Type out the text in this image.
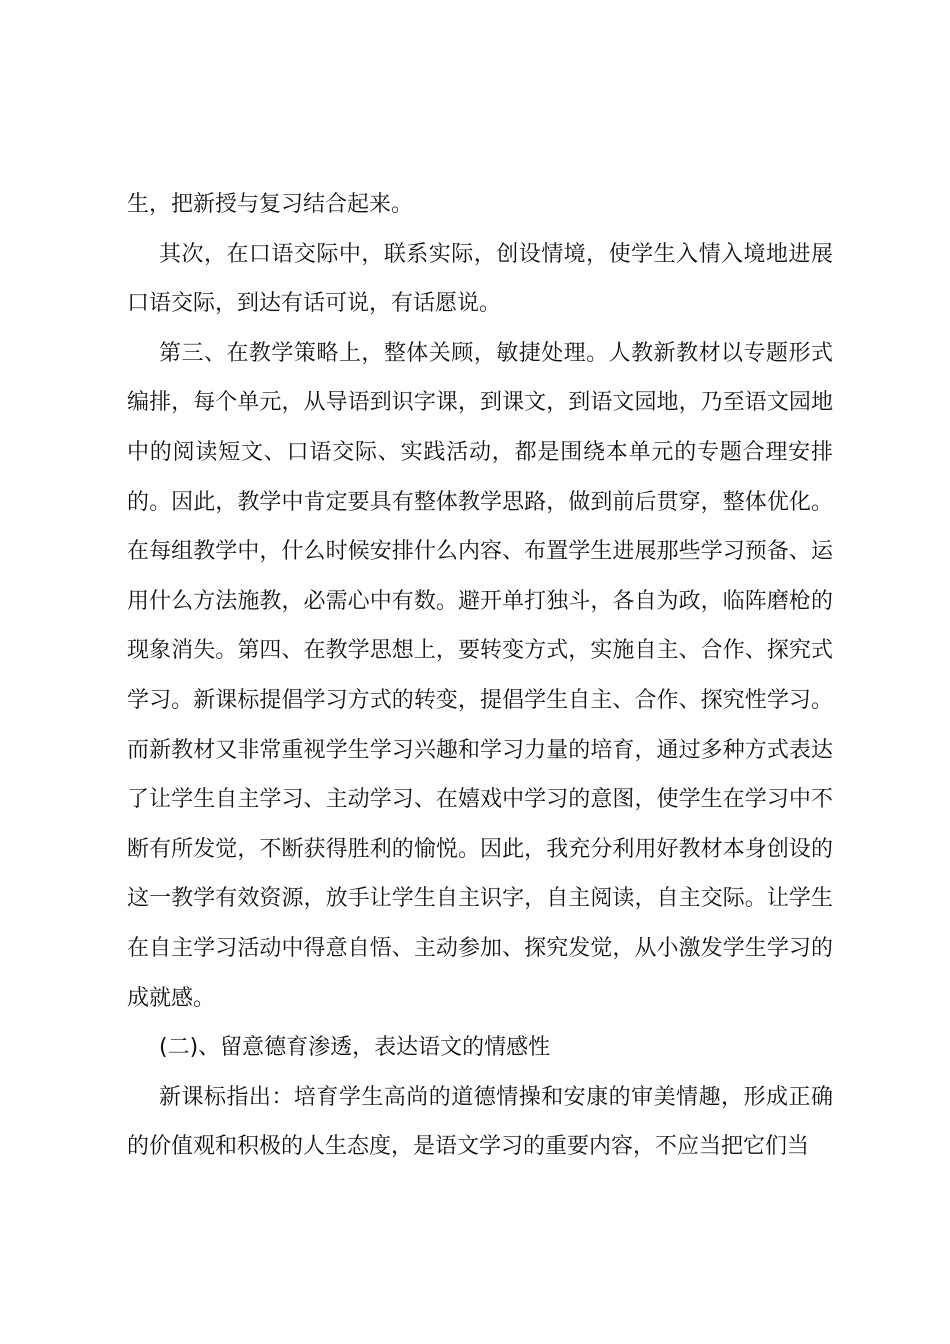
生，把新授与复习结合起来。

其次，在口语交际中，联系实际，创设情境，使学生入情入境地进展口语交际，到达有话可说，有话愿说。

第三、在教学策略上，整体关顾，敏捷处理。人教新教材以专题形式编排，每个单元，从导语到识字课，到课文，到语文园地，乃至语文园地中的阅读短文、口语交际、实践活动，都是围绕本单元的专题合理安排的。因此，教学中肯定要具有整体教学思路，做到前后贯穿，整体优化。在每组教学中，什么时候安排什么内容、布置学生进展那些学习预备、运用什么方法施教，必需心中有数。避开单打独斗，各自为政，临阵磨枪的现象消失。第四、在教学思想上，要转变方式，实施自主、合作、探究式学习。新课标提倡学习方式的转变，提倡学生自主、合作、探究性学习。而新教材又非常重视学生学习兴趣和学习力量的培育，通过多种方式表达了让学生自主学习、主动学习、在嬉戏中学习的意图，使学生在学习中不断有所发觉，不断获得胜利的愉悦。因此，我充分利用好教材本身创设的这一教学有效资源，放手让学生自主识字，自主阅读，自主交际。让学生在自主学习活动中得意自悟、主动参加、探究发觉，从小激发学生学习的成就感。

(二)、留意德育渗透，表达语文的情感性

新课标指出：培育学生高尚的道德情操和安康的审美情趣，形成正确的价值观和积极的人生态度，是语文学习的重要内容，不应当把它们当
